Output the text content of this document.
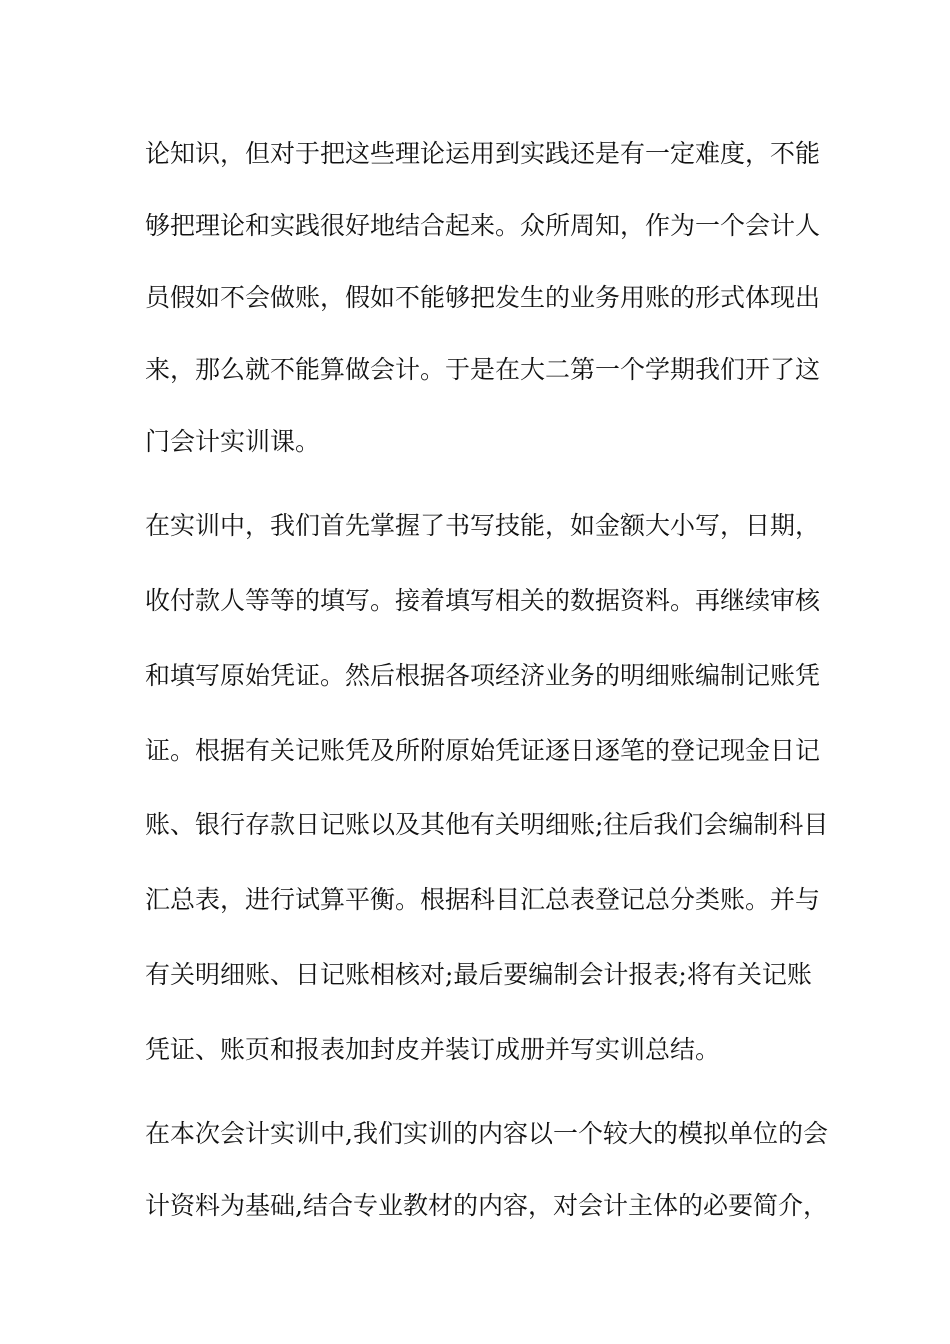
论知识，但对于把这些理论运用到实践还是有一定难度，不能
够把理论和实践很好地结合起来。众所周知，作为一个会计人
员假如不会做账，假如不能够把发生的业务用账的形式体现出
来，那么就不能算做会计。于是在大二第一个学期我们开了这
门会计实训课。
在实训中，我们首先掌握了书写技能，如金额大小写，日期，
收付款人等等的填写。接着填写相关的数据资料。再继续审核
和填写原始凭证。然后根据各项经济业务的明细账编制记账凭
证。根据有关记账凭及所附原始凭证逐日逐笔的登记现金日记
账、银行存款日记账以及其他有关明细账;往后我们会编制科目
汇总表，进行试算平衡。根据科目汇总表登记总分类账。并与
有关明细账、日记账相核对;最后要编制会计报表;将有关记账
凭证、账页和报表加封皮并装订成册并写实训总结。
在本次会计实训中,我们实训的内容以一个较大的模拟单位的会
计资料为基础,结合专业教材的内容，对会计主体的必要简介，
